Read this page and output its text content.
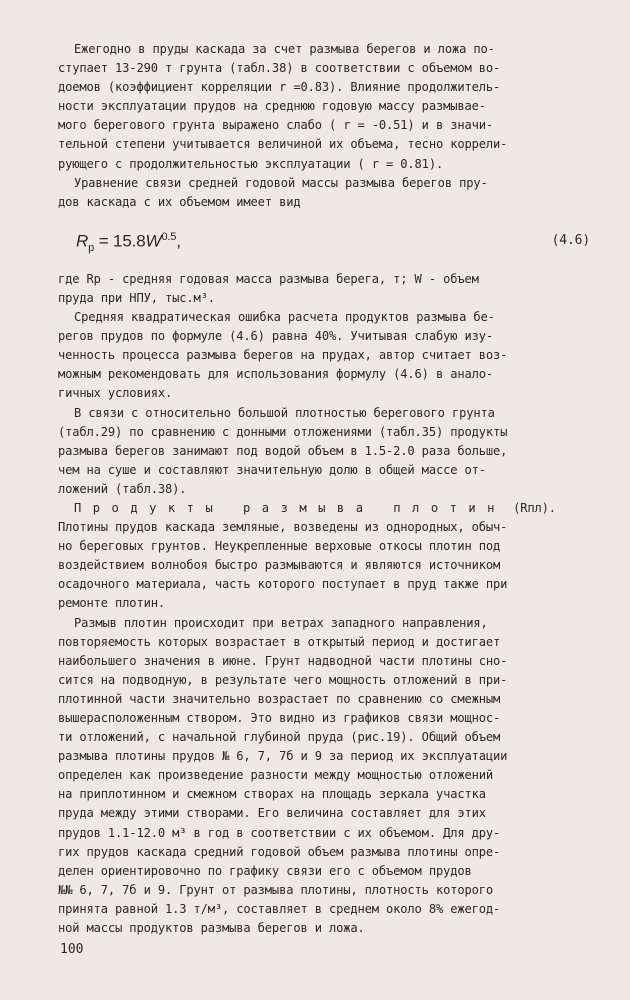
Ежегодно в пруды каскада за счет размыва берегов и ложа по-
ступает 13-290 т грунта (табл.38) в соответствии с объемом во-
доемов (коэффициент корреляции r =0.83). Влияние продолжитель-
ности эксплуатации прудов на среднюю годовую массу размывае-
мого берегового грунта выражено слабо ( r = -0.51) и в значи-
тельной степени учитывается величиной их объема, тесно коррели-
рующего с продолжительностью эксплуатации ( r = 0.81).
Уравнение связи средней годовой массы размыва берегов пру-
дов каскада с их объемом имеет вид
$R_р = 15.8W^{0.5}$,	(4.6)
где Rр - средняя годовая масса размыва берега, т; W - объем
пруда при НПУ, тыс.м³.
Средняя квадратическая ошибка расчета продуктов размыва бе-
регов прудов по формуле (4.6) равна 40%. Учитывая слабую изу-
ченность процесса размыва берегов на прудах, автор считает воз-
можным рекомендовать для использования формулу (4.6) в анало-
гичных условиях.
В связи с относительно большой плотностью берегового грунта
(табл.29) по сравнению с донными отложениями (табл.35) продукты
размыва берегов занимают под водой объем в 1.5-2.0 раза больше,
чем на суше и составляют значительную долю в общей массе от-
ложений (табл.38).
Продукты размыва плотин (Rпл).
Плотины прудов каскада земляные, возведены из однородных, обыч-
но береговых грунтов. Неукрепленные верховые откосы плотин под
воздействием волнобоя быстро размываются и являются источником
осадочного материала, часть которого поступает в пруд также при
ремонте плотин.
Размыв плотин происходит при ветрах западного направления,
повторяемость которых возрастает в открытый период и достигает
наибольшего значения в июне. Грунт надводной части плотины сно-
сится на подводную, в результате чего мощность отложений в при-
плотинной части значительно возрастает по сравнению со смежным
вышерасположенным створом. Это видно из графиков связи мощнос-
ти отложений, с начальной глубиной пруда (рис.19). Общий объем
размыва плотины прудов № 6, 7, 7б и 9 за период их эксплуатации
определен как произведение разности между мощностью отложений
на приплотинном и смежном створах на площадь зеркала участка
пруда между этими створами. Его величина составляет для этих
прудов 1.1-12.0 м³ в год в соответствии с их объемом. Для дру-
гих прудов каскада средний годовой объем размыва плотины опре-
делен ориентировочно по графику связи его с объемом прудов
№№ 6, 7, 7б и 9. Грунт от размыва плотины, плотность которого
принята равной 1.3 т/м³, составляет в среднем около 8% ежегод-
ной массы продуктов размыва берегов и ложа.
100
